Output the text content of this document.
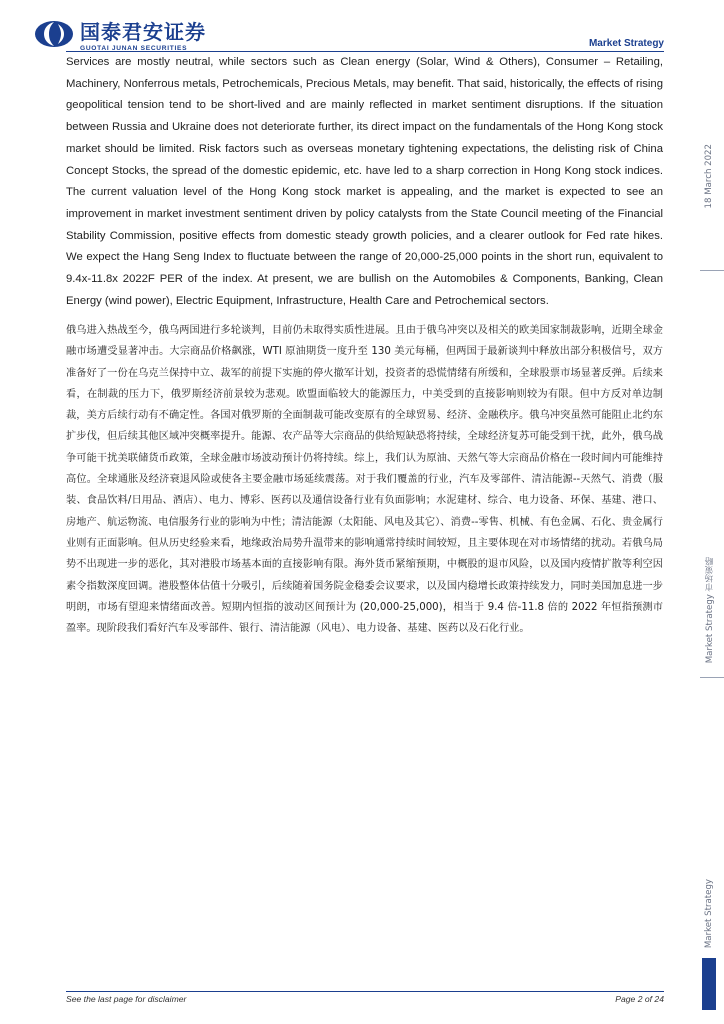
国泰君安证券
GUOTAI JUNAN SECURITIES	Market Strategy

Services are mostly neutral, while sectors such as Clean energy (Solar, Wind & Others), Consumer – Retailing, Machinery, Nonferrous metals, Petrochemicals, Precious Metals, may benefit. That said, historically, the effects of rising geopolitical tension tend to be short-lived and are mainly reflected in market sentiment disruptions. If the situation between Russia and Ukraine does not deteriorate further, its direct impact on the fundamentals of the Hong Kong stock market should be limited. Risk factors such as overseas monetary tightening expectations, the delisting risk of China Concept Stocks, the spread of the domestic epidemic, etc. have led to a sharp correction in Hong Kong stock indices. The current valuation level of the Hong Kong stock market is appealing, and the market is expected to see an improvement in market investment sentiment driven by policy catalysts from the State Council meeting of the Financial Stability Commission, positive effects from domestic steady growth policies, and a clearer outlook for Fed rate hikes. We expect the Hang Seng Index to fluctuate between the range of 20,000-25,000 points in the short run, equivalent to 9.4x-11.8x 2022F PER of the index. At present, we are bullish on the Automobiles & Components, Banking, Clean Energy (wind power), Electric Equipment, Infrastructure, Health Care and Petrochemical sectors.

俄乌进入热战至今，俄乌两国进行多轮谈判，目前仍未取得实质性进展。且由于俄乌冲突以及相关的欧美国家制裁影响，近期全球金融市场遭受显著冲击。大宗商品价格飙涨，WTI 原油期货一度升至 130 美元每桶，但两国于最新谈判中释放出部分积极信号，双方准备好了一份在乌克兰保持中立、裁军的前提下实施的停火撤军计划，投资者的恐慌情绪有所缓和，全球股票市场显著反弹。后续来看，在制裁的压力下，俄罗斯经济前景较为悲观。欧盟面临较大的能源压力，中美受到的直接影响则较为有限。但中方反对单边制裁，美方后续行动有不确定性。各国对俄罗斯的全面制裁可能改变原有的全球贸易、经济、金融秩序。俄乌冲突虽然可能阻止北约东扩步伐，但后续其他区域冲突概率提升。能源、农产品等大宗商品的供给短缺恐将持续，全球经济复苏可能受到干扰，此外，俄乌战争可能干扰美联储货币政策，全球金融市场波动预计仍将持续。综上，我们认为原油、天然气等大宗商品价格在一段时间内可能维持高位。全球通胀及经济衰退风险或使各主要金融市场延续震荡。对于我们覆盖的行业，汽车及零部件、清洁能源--天然气、消费（服装、食品饮料/日用品、酒店）、电力、博彩、医药以及通信设备行业有负面影响；水泥建材、综合、电力设备、环保、基建、港口、房地产、航运物流、电信服务行业的影响为中性；清洁能源（太阳能、风电及其它）、消费--零售、机械、有色金属、石化、贵金属行业则有正面影响。但从历史经验来看，地缘政治局势升温带来的影响通常持续时间较短，且主要体现在对市场情绪的扰动。若俄乌局势不出现进一步的恶化，其对港股市场基本面的直接影响有限。海外货币紧缩预期，中概股的退市风险，以及国内疫情扩散等利空因素令指数深度回调。港股整体估值十分吸引，后续随着国务院金稳委会议要求，以及国内稳增长政策持续发力，同时美国加息进一步明朗，市场有望迎来情绪面改善。短期内恒指的波动区间预计为 (20,000-25,000)，相当于 9.4 倍-11.8 倍的 2022 年恒指预测市盈率。现阶段我们看好汽车及零部件、银行、清洁能源（风电）、电力设备、基建、医药以及石化行业。

18 March 2022
Market Strategy 市场策略
Market Strategy
See the last page for disclaimer	Page 2 of 24
